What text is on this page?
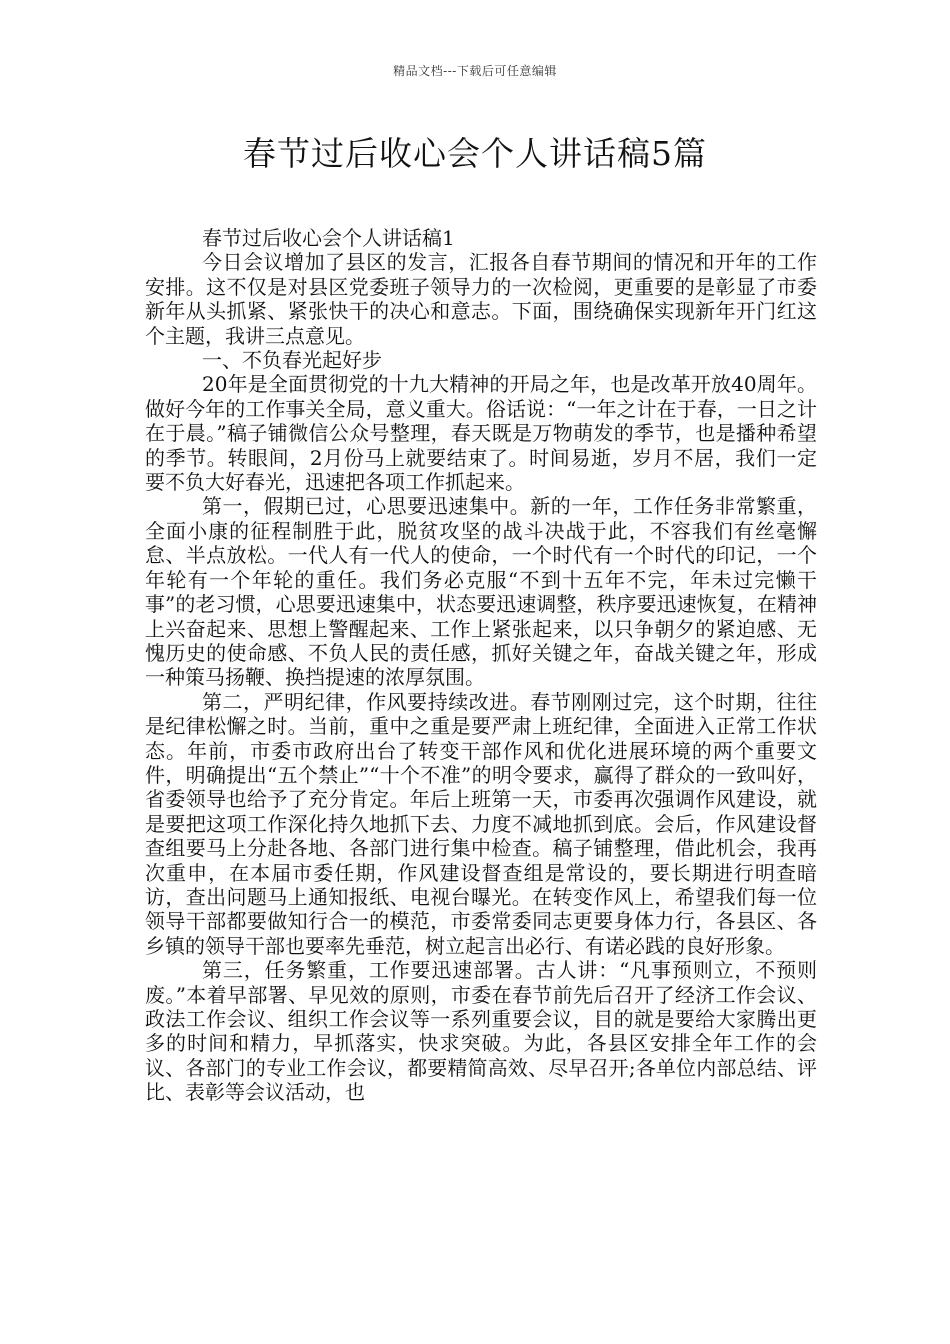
精品文档---下载后可任意编辑
春节过后收心会个人讲话稿5篇

春节过后收心会个人讲话稿1

今日会议增加了县区的发言，汇报各自春节期间的情况和开年的工作安排。这不仅是对县区党委班子领导力的一次检阅，更重要的是彰显了市委新年从头抓紧、紧张快干的决心和意志。下面，围绕确保实现新年开门红这个主题，我讲三点意见。

一、不负春光起好步

20年是全面贯彻党的十九大精神的开局之年，也是改革开放40周年。做好今年的工作事关全局，意义重大。俗话说：“一年之计在于春，一日之计在于晨。”稿子铺微信公众号整理，春天既是万物萌发的季节，也是播种希望的季节。转眼间，2月份马上就要结束了。时间易逝，岁月不居，我们一定要不负大好春光，迅速把各项工作抓起来。

第一，假期已过，心思要迅速集中。新的一年，工作任务非常繁重，全面小康的征程制胜于此，脱贫攻坚的战斗决战于此，不容我们有丝毫懈怠、半点放松。一代人有一代人的使命，一个时代有一个时代的印记，一个年轮有一个年轮的重任。我们务必克服“不到十五年不完，年未过完懒干事”的老习惯，心思要迅速集中，状态要迅速调整，秩序要迅速恢复，在精神上兴奋起来、思想上警醒起来、工作上紧张起来，以只争朝夕的紧迫感、无愧历史的使命感、不负人民的责任感，抓好关键之年，奋战关键之年，形成一种策马扬鞭、换挡提速的浓厚氛围。

第二，严明纪律，作风要持续改进。春节刚刚过完，这个时期，往往是纪律松懈之时。当前，重中之重是要严肃上班纪律，全面进入正常工作状态。年前，市委市政府出台了转变干部作风和优化进展环境的两个重要文件，明确提出“五个禁止”“十个不准”的明令要求，赢得了群众的一致叫好，省委领导也给予了充分肯定。年后上班第一天，市委再次强调作风建设，就是要把这项工作深化持久地抓下去、力度不减地抓到底。会后，作风建设督查组要马上分赴各地、各部门进行集中检查。稿子铺整理，借此机会，我再次重申，在本届市委任期，作风建设督查组是常设的，要长期进行明查暗访，查出问题马上通知报纸、电视台曝光。在转变作风上，希望我们每一位领导干部都要做知行合一的模范，市委常委同志更要身体力行，各县区、各乡镇的领导干部也要率先垂范，树立起言出必行、有诺必践的良好形象。

第三，任务繁重，工作要迅速部署。古人讲：“凡事预则立，不预则废。”本着早部署、早见效的原则，市委在春节前先后召开了经济工作会议、政法工作会议、组织工作会议等一系列重要会议，目的就是要给大家腾出更多的时间和精力，早抓落实，快求突破。为此，各县区安排全年工作的会议、各部门的专业工作会议，都要精简高效、尽早召开;各单位内部总结、评比、表彰等会议活动，也
